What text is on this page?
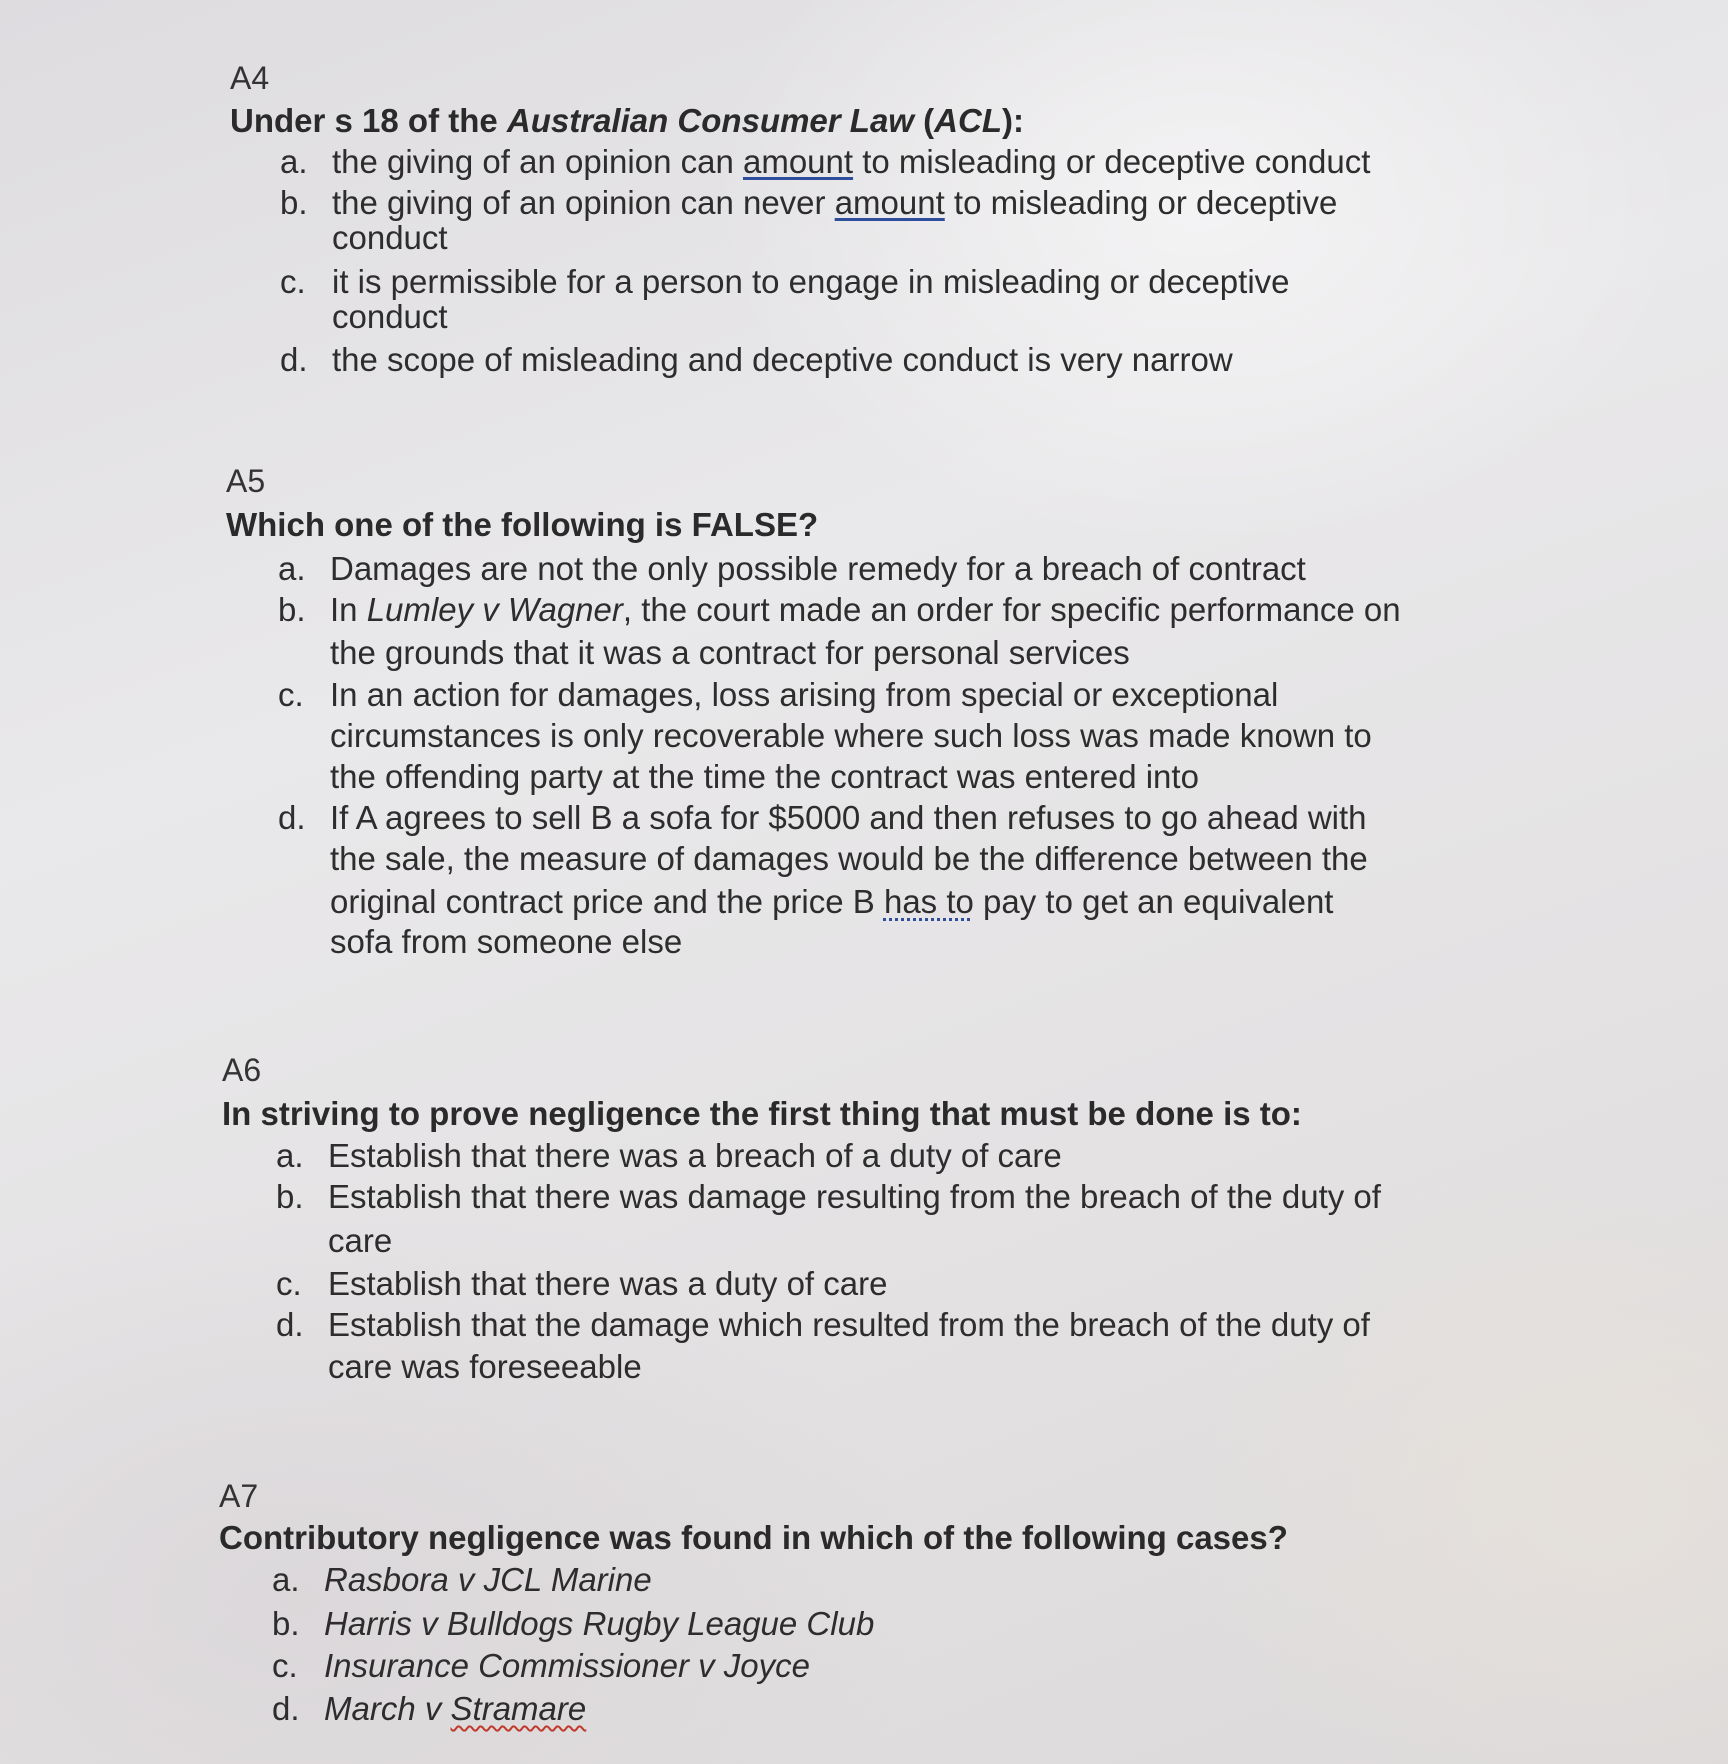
A4
Under s 18 of the Australian Consumer Law (ACL):
a. the giving of an opinion can amount to misleading or deceptive conduct
b. the giving of an opinion can never amount to misleading or deceptive
conduct
c. it is permissible for a person to engage in misleading or deceptive
conduct
d. the scope of misleading and deceptive conduct is very narrow
A5
Which one of the following is FALSE?
a. Damages are not the only possible remedy for a breach of contract
b. In Lumley v Wagner, the court made an order for specific performance on
the grounds that it was a contract for personal services
c. In an action for damages, loss arising from special or exceptional
circumstances is only recoverable where such loss was made known to
the offending party at the time the contract was entered into
d. If A agrees to sell B a sofa for $5000 and then refuses to go ahead with
the sale, the measure of damages would be the difference between the
original contract price and the price B has to pay to get an equivalent
sofa from someone else
A6
In striving to prove negligence the first thing that must be done is to:
a. Establish that there was a breach of a duty of care
b. Establish that there was damage resulting from the breach of the duty of
care
c. Establish that there was a duty of care
d. Establish that the damage which resulted from the breach of the duty of
care was foreseeable
A7
Contributory negligence was found in which of the following cases?
a. Rasbora v JCL Marine
b. Harris v Bulldogs Rugby League Club
c. Insurance Commissioner v Joyce
d. March v Stramare
